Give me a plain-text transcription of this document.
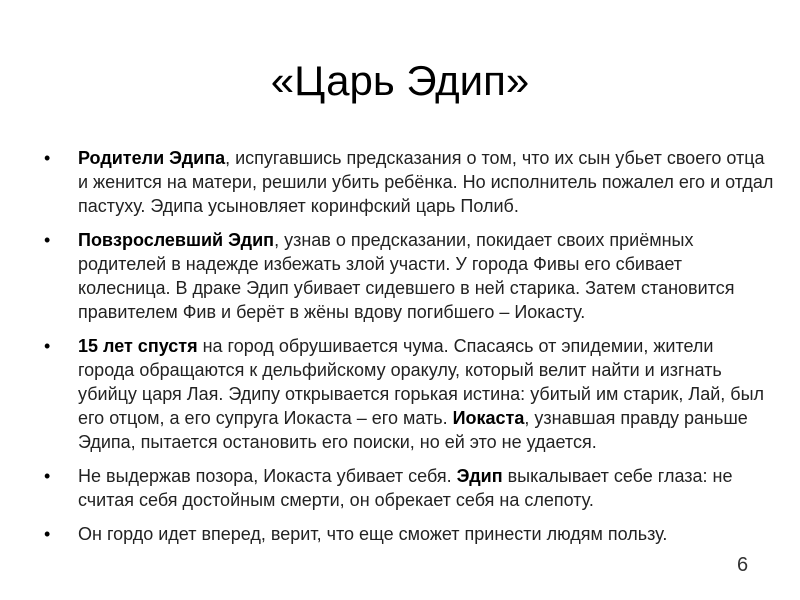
«Царь Эдип»
• Родители Эдипа, испугавшись предсказания о том, что их сын убьет своего отца и женится на матери, решили убить ребёнка. Но исполнитель пожалел его и отдал пастуху. Эдипа усыновляет коринфский царь Полиб.
• Повзрослевший Эдип, узнав о предсказании, покидает своих приёмных родителей в надежде избежать злой участи. У города Фивы его сбивает колесница. В драке Эдип убивает сидевшего в ней старика. Затем становится правителем Фив и берёт в жёны вдову погибшего – Иокасту.
• 15 лет спустя на город обрушивается чума. Спасаясь от эпидемии, жители города обращаются к дельфийскому оракулу, который велит найти и изгнать убийцу царя Лая. Эдипу открывается горькая истина: убитый им старик, Лай, был его отцом, а его супруга Иокаста – его мать. Иокаста, узнавшая правду раньше Эдипа, пытается остановить его поиски, но ей это не удается.
• Не выдержав позора, Иокаста убивает себя. Эдип выкалывает себе глаза: не считая себя достойным смерти, он обрекает себя на слепоту.
• Он гордо идет вперед, верит, что еще сможет принести людям пользу.
6
